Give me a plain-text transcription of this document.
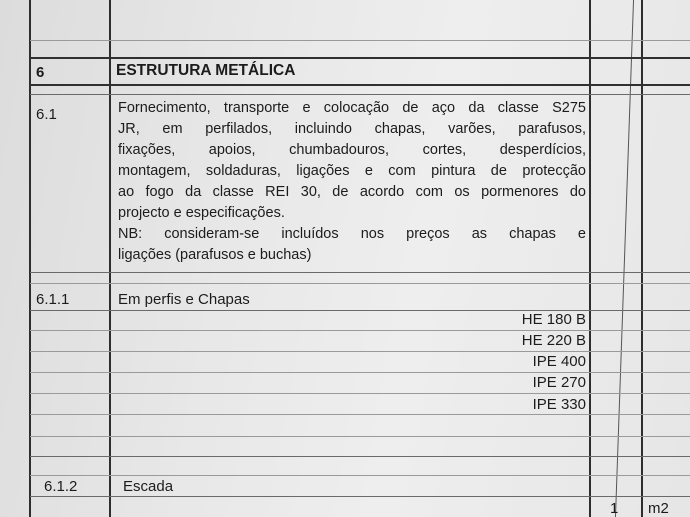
6	ESTRUTURA METÁLICA
6.1	Fornecimento, transporte e colocação de aço da classe S275
JR, em perfilados, incluindo chapas, varões, parafusos,
fixações, apoios, chumbadouros, cortes, desperdícios,
montagem, soldaduras, ligações e com pintura de protecção
ao fogo da classe REI 30, de acordo com os pormenores do
projecto e especificações.
NB: consideram-se incluídos nos preços as chapas e
ligações (parafusos e buchas)
6.1.1	Em perfis e Chapas
HE 180 B
HE 220 B
IPE 400
IPE 270
IPE 330
6.1.2	Escada
1 m2
